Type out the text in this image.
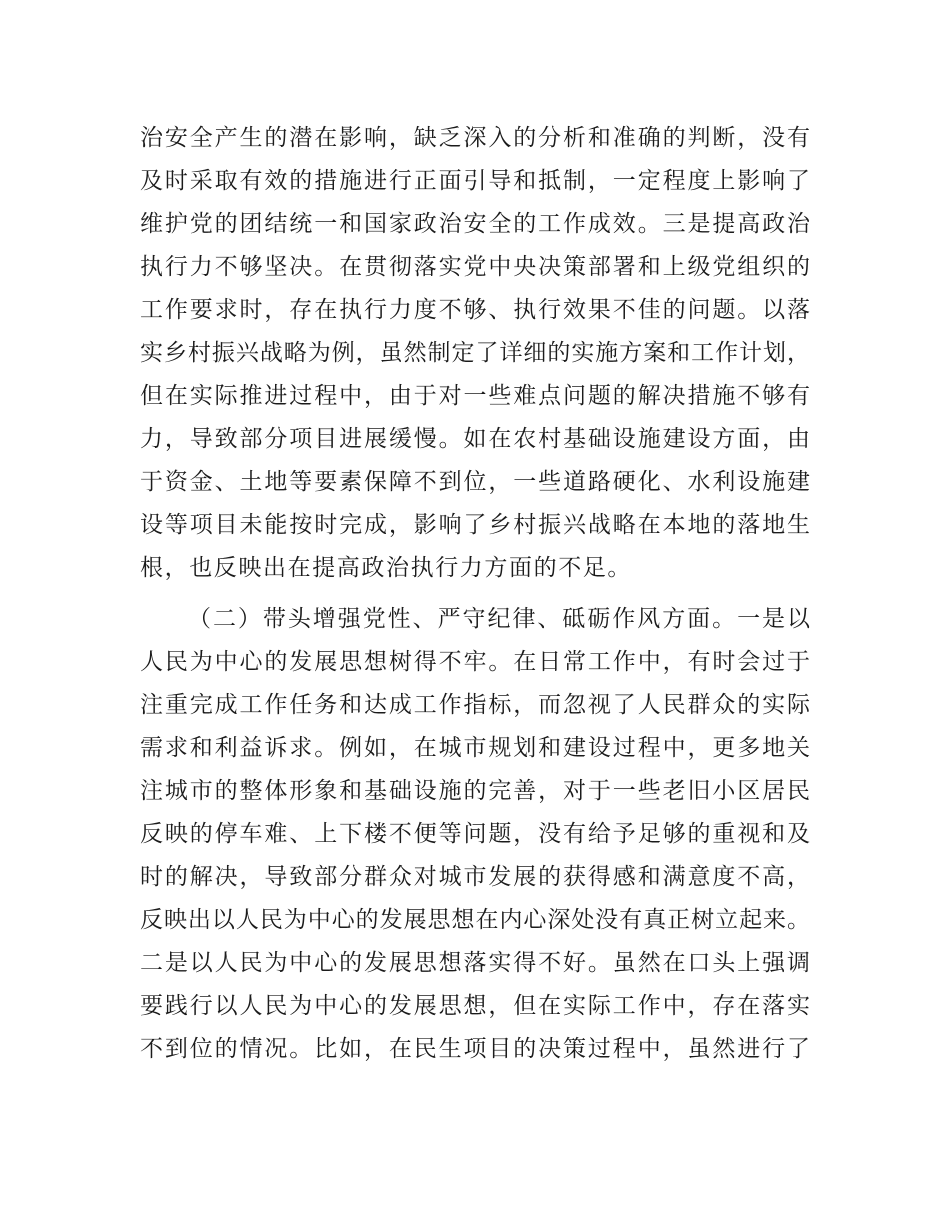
治安全产生的潜在影响，缺乏深入的分析和准确的判断，没有
及时采取有效的措施进行正面引导和抵制，一定程度上影响了
维护党的团结统一和国家政治安全的工作成效。三是提高政治
执行力不够坚决。在贯彻落实党中央决策部署和上级党组织的
工作要求时，存在执行力度不够、执行效果不佳的问题。以落
实乡村振兴战略为例，虽然制定了详细的实施方案和工作计划，
但在实际推进过程中，由于对一些难点问题的解决措施不够有
力，导致部分项目进展缓慢。如在农村基础设施建设方面，由
于资金、土地等要素保障不到位，一些道路硬化、水利设施建
设等项目未能按时完成，影响了乡村振兴战略在本地的落地生
根，也反映出在提高政治执行力方面的不足。
（二）带头增强党性、严守纪律、砥砺作风方面。一是以
人民为中心的发展思想树得不牢。在日常工作中，有时会过于
注重完成工作任务和达成工作指标，而忽视了人民群众的实际
需求和利益诉求。例如，在城市规划和建设过程中，更多地关
注城市的整体形象和基础设施的完善，对于一些老旧小区居民
反映的停车难、上下楼不便等问题，没有给予足够的重视和及
时的解决，导致部分群众对城市发展的获得感和满意度不高，
反映出以人民为中心的发展思想在内心深处没有真正树立起来。
二是以人民为中心的发展思想落实得不好。虽然在口头上强调
要践行以人民为中心的发展思想，但在实际工作中，存在落实
不到位的情况。比如，在民生项目的决策过程中，虽然进行了
